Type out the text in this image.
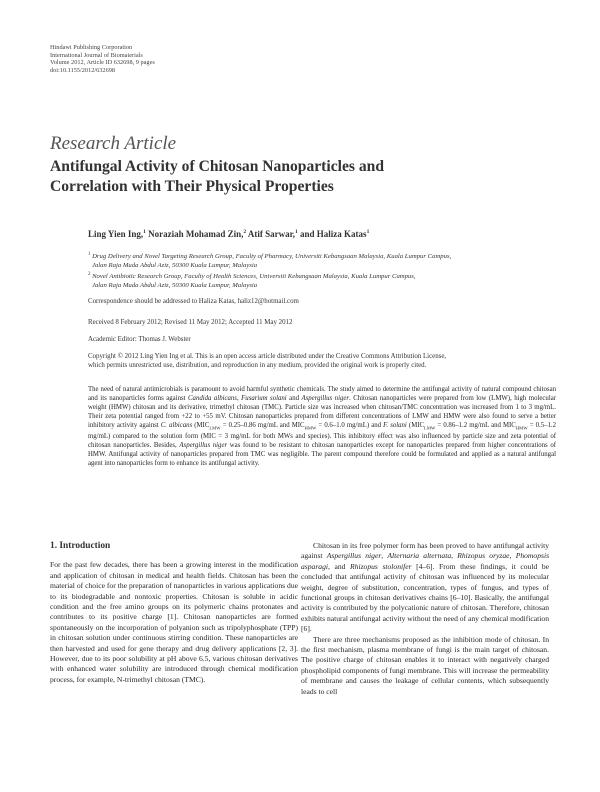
Hindawi Publishing Corporation
International Journal of Biomaterials
Volume 2012, Article ID 632698, 9 pages
doi:10.1155/2012/632698
Research Article
Antifungal Activity of Chitosan Nanoparticles and
Correlation with Their Physical Properties
Ling Yien Ing,$^1$ Noraziah Mohamad Zin,$^2$ Atif Sarwar,$^1$ and Haliza Katas$^1$
$^1$ Drug Delivery and Novel Targeting Research Group, Faculty of Pharmacy, Universiti Kebangsaan Malaysia, Kuala Lumpur Campus,
Jalan Raja Muda Abdul Aziz, 50300 Kuala Lumpur, Malaysia
$^2$ Novel Antibiotic Research Group, Faculty of Health Sciences, Universiti Kebangsaan Malaysia, Kuala Lumpur Campus,
Jalan Raja Muda Abdul Aziz, 50300 Kuala Lumpur, Malaysia
Correspondence should be addressed to Haliza Katas, haliz12@hotmail.com
Received 8 February 2012; Revised 11 May 2012; Accepted 11 May 2012
Academic Editor: Thomas J. Webster
Copyright © 2012 Ling Yien Ing et al. This is an open access article distributed under the Creative Commons Attribution License,
which permits unrestricted use, distribution, and reproduction in any medium, provided the original work is properly cited.
The need of natural antimicrobials is paramount to avoid harmful synthetic chemicals. The study aimed to determine the antifungal activity of natural compound chitosan and its nanoparticles forms against Candida albicans, Fusarium solani and Aspergillus niger. Chitosan nanoparticles were prepared from low (LMW), high molecular weight (HMW) chitosan and its derivative, trimethyl chitosan (TMC). Particle size was increased when chitosan/TMC concentration was increased from 1 to 3 mg/mL. Their zeta potential ranged from +22 to +55 mV. Chitosan nanoparticles prepared from different concentrations of LMW and HMW were also found to serve a better inhibitory activity against C. albicans ($MIC_{LMW} = 0.25-0.86$ mg/mL and $MIC_{HMW} = 0.6-1.0$ mg/mL) and F. solani ($MIC_{LMW} = 0.86-1.2$ mg/mL and $MIC_{HMW} = 0.5-1.2$ mg/mL) compared to the solution form (MIC = 3 mg/mL for both MWs and species). This inhibitory effect was also influenced by particle size and zeta potential of chitosan nanoparticles. Besides, Aspergillus niger was found to be resistant to chitosan nanoparticles except for nanoparticles prepared from higher concentrations of HMW. Antifungal activity of nanoparticles prepared from TMC was negligible. The parent compound therefore could be formulated and applied as a natural antifungal agent into nanoparticles form to enhance its antifungal activity.
1. Introduction

For the past few decades, there has been a growing interest in the modification and application of chitosan in medical and health fields. Chitosan has been the material of choice for the preparation of nanoparticles in various applications due to its biodegradable and nontoxic properties. Chitosan is soluble in acidic condition and the free amino groups on its polymeric chains protonates and contributes to its positive charge [1]. Chitosan nanoparticles are formed spontaneously on the incorporation of polyanion such as tripolyphosphate (TPP) in chitosan solution under continuous stirring condition. These nanoparticles are then harvested and used for gene therapy and drug delivery applications [2, 3]. However, due to its poor solubility at pH above 6.5, various chitosan derivatives with enhanced water solubility are introduced through chemical modification process, for example, N-trimethyl chitosan (TMC).

Chitosan in its free polymer form has been proved to have antifungal activity against Aspergillus niger, Alternaria alternata, Rhizopus oryzae, Phomopsis asparagi, and Rhizopus stolonifer [4–6]. From these findings, it could be concluded that antifungal activity of chitosan was influenced by its molecular weight, degree of substitution, concentration, types of fungus, and types of functional groups in chitosan derivatives chains [6–10]. Basically, the antifungal activity is contributed by the polycationic nature of chitosan. Therefore, chitosan exhibits natural antifungal activity without the need of any chemical modification [6].

There are three mechanisms proposed as the inhibition mode of chitosan. In the first mechanism, plasma membrane of fungi is the main target of chitosan. The positive charge of chitosan enables it to interact with negatively charged phospholipid components of fungi membrane. This will increase the permeability of membrane and causes the leakage of cellular contents, which subsequently leads to cell
